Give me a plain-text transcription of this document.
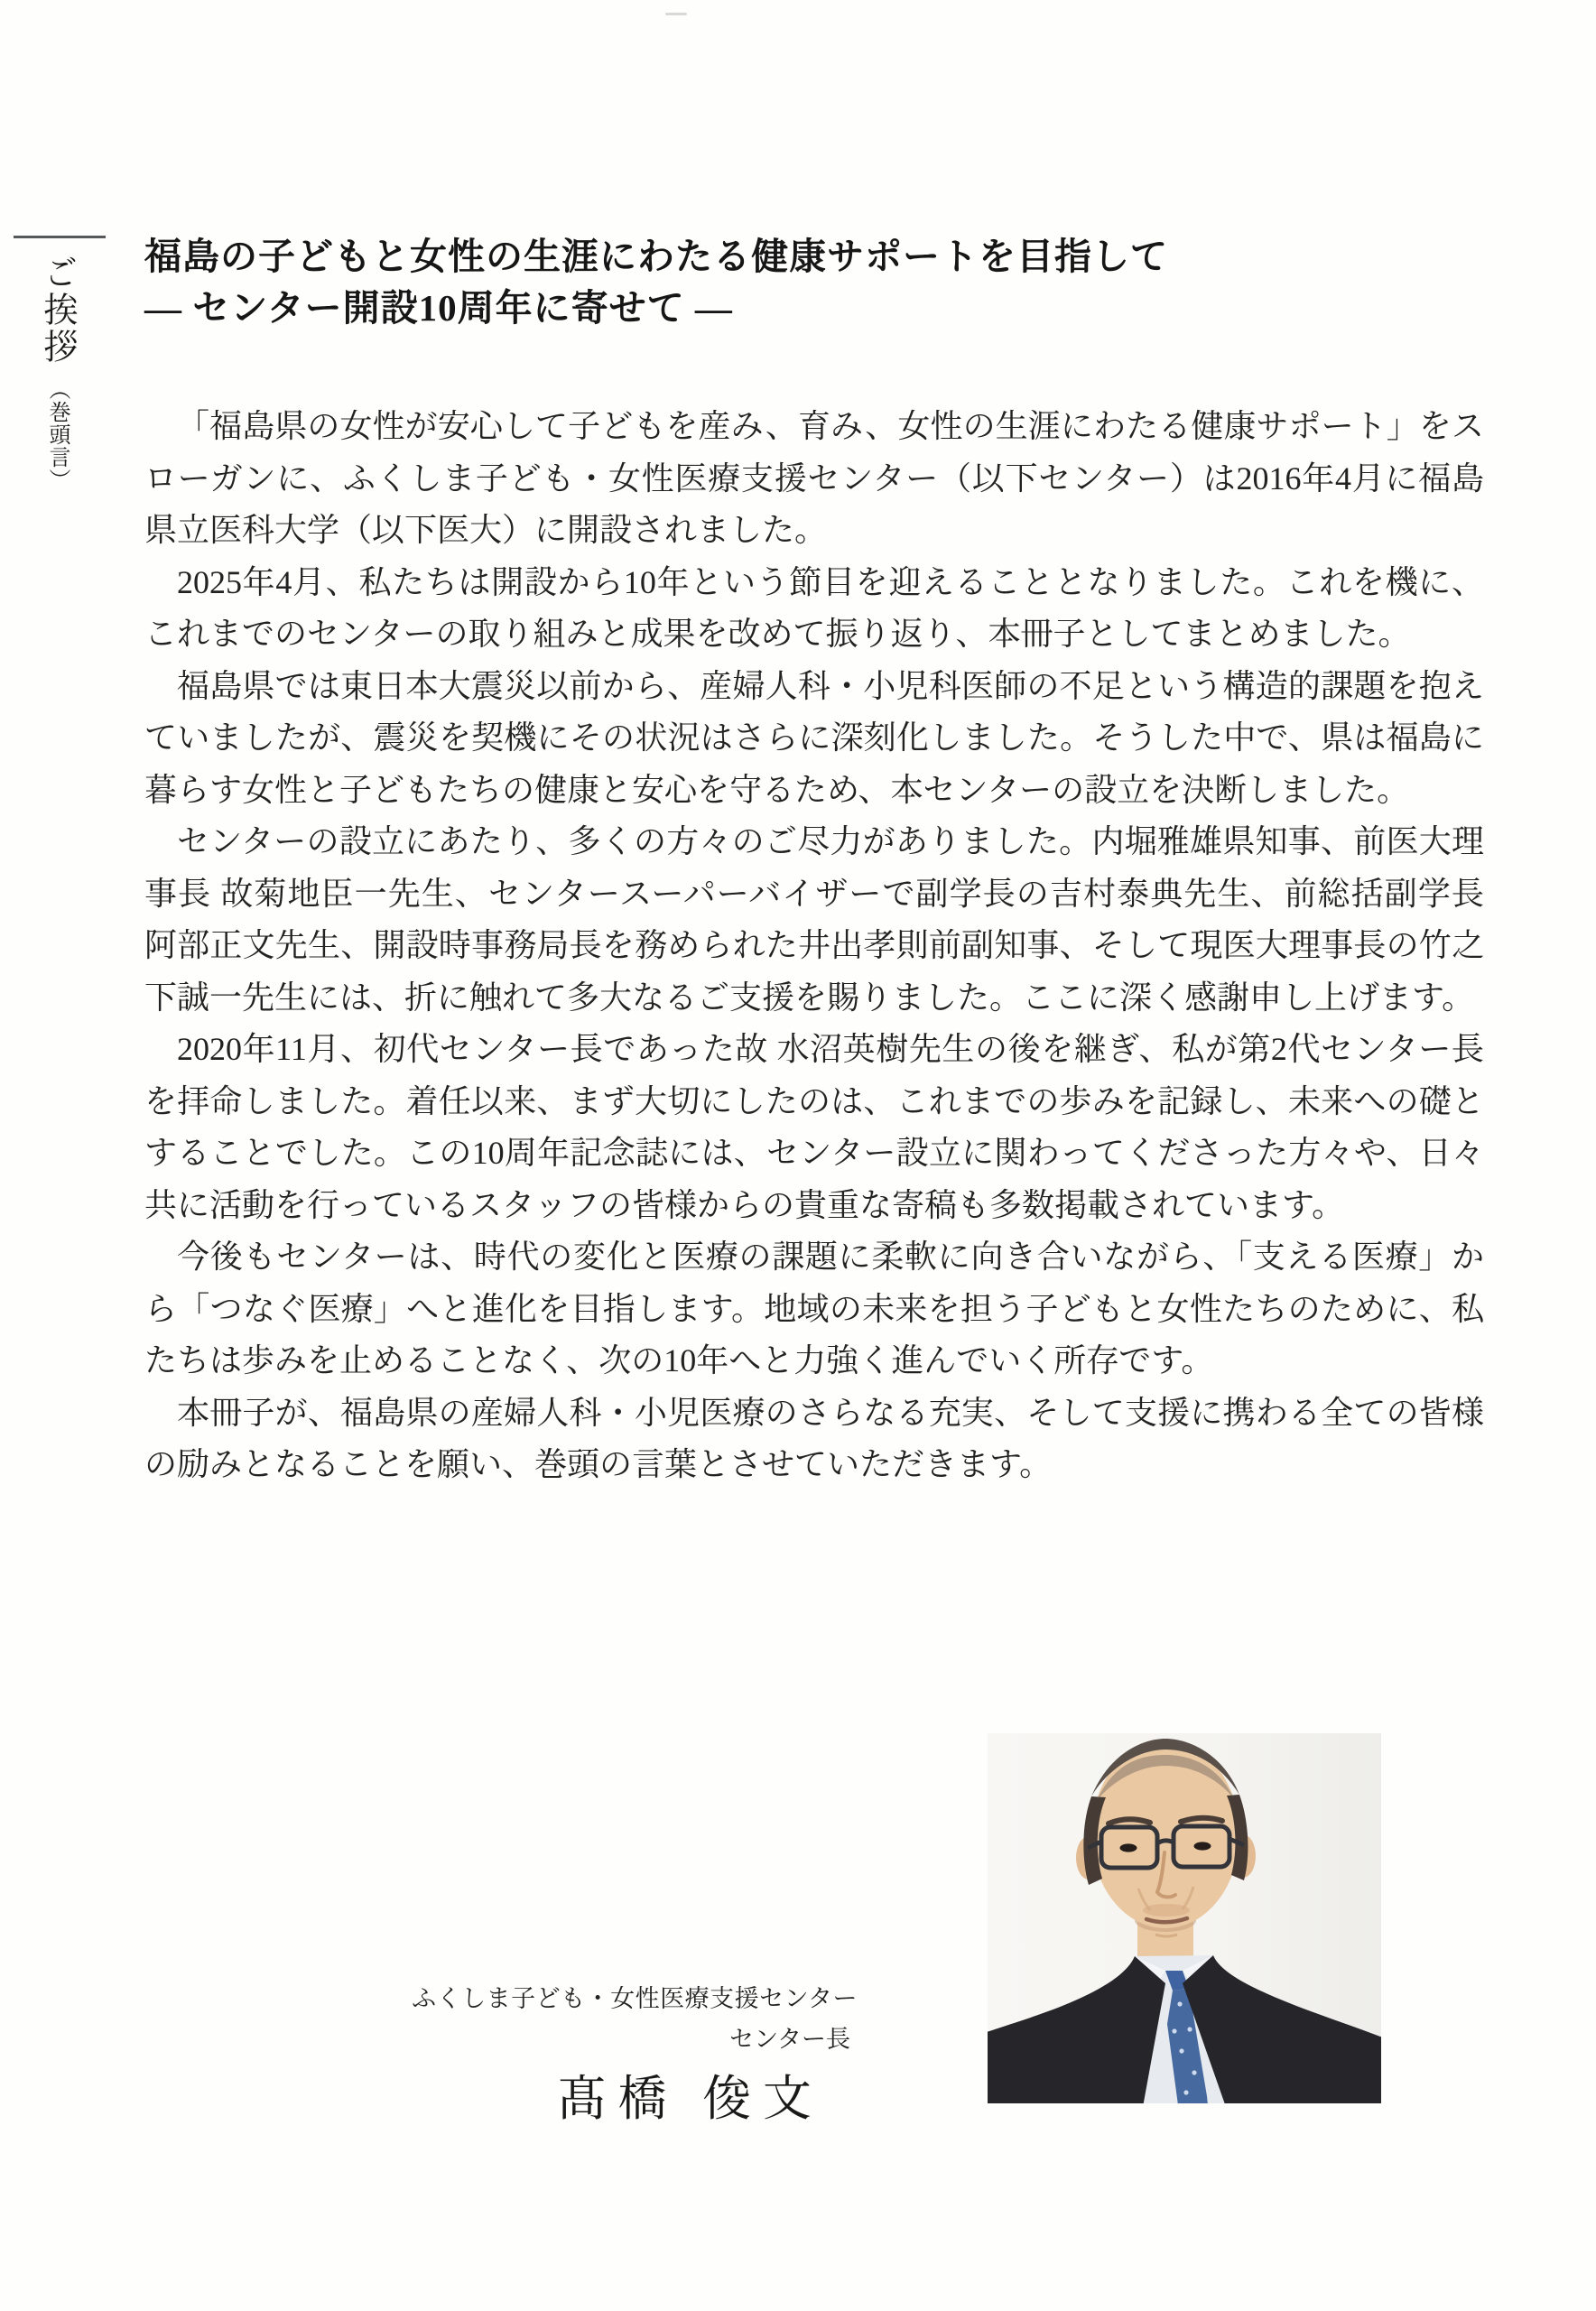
ご挨拶 （巻頭言）
福島の子どもと女性の生涯にわたる健康サポートを目指して
― センター開設10周年に寄せて ―

「福島県の女性が安心して子どもを産み、育み、女性の生涯にわたる健康サポート」をスローガンに、ふくしま子ども・女性医療支援センター（以下センター）は2016年4月に福島県立医科大学（以下医大）に開設されました。

2025年4月、私たちは開設から10年という節目を迎えることとなりました。これを機に、これまでのセンターの取り組みと成果を改めて振り返り、本冊子としてまとめました。

福島県では東日本大震災以前から、産婦人科・小児科医師の不足という構造的課題を抱えていましたが、震災を契機にその状況はさらに深刻化しました。そうした中で、県は福島に暮らす女性と子どもたちの健康と安心を守るため、本センターの設立を決断しました。

センターの設立にあたり、多くの方々のご尽力がありました。内堀雅雄県知事、前医大理事長 故菊地臣一先生、センタースーパーバイザーで副学長の吉村泰典先生、前総括副学長 阿部正文先生、開設時事務局長を務められた井出孝則前副知事、そして現医大理事長の竹之下誠一先生には、折に触れて多大なるご支援を賜りました。ここに深く感謝申し上げます。

2020年11月、初代センター長であった故 水沼英樹先生の後を継ぎ、私が第2代センター長を拝命しました。着任以来、まず大切にしたのは、これまでの歩みを記録し、未来への礎とすることでした。この10周年記念誌には、センター設立に関わってくださった方々や、日々共に活動を行っているスタッフの皆様からの貴重な寄稿も多数掲載されています。

今後もセンターは、時代の変化と医療の課題に柔軟に向き合いながら、「支える医療」から「つなぐ医療」へと進化を目指します。地域の未来を担う子どもと女性たちのために、私たちは歩みを止めることなく、次の10年へと力強く進んでいく所存です。

本冊子が、福島県の産婦人科・小児医療のさらなる充実、そして支援に携わる全ての皆様の励みとなることを願い、巻頭の言葉とさせていただきます。

ふくしま子ども・女性医療支援センター
センター長
髙橋 俊文
